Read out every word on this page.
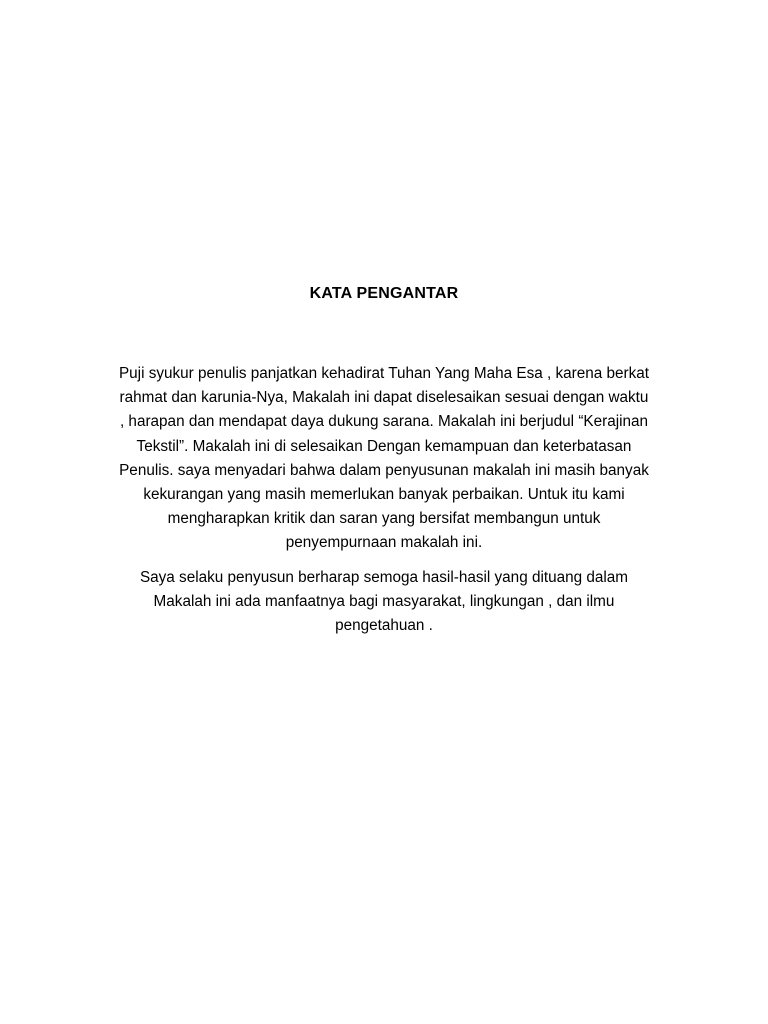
KATA PENGANTAR
Puji syukur penulis panjatkan kehadirat Tuhan Yang Maha Esa , karena berkat
rahmat dan karunia-Nya, Makalah ini dapat diselesaikan sesuai dengan waktu
, harapan dan mendapat daya dukung sarana. Makalah ini berjudul “Kerajinan
Tekstil”. Makalah ini di selesaikan Dengan kemampuan dan keterbatasan
Penulis. saya menyadari bahwa dalam penyusunan makalah ini masih banyak
kekurangan yang masih memerlukan banyak perbaikan. Untuk itu kami
mengharapkan kritik dan saran yang bersifat membangun untuk
penyempurnaan makalah ini.
Saya selaku penyusun berharap semoga hasil-hasil yang dituang dalam
Makalah ini ada manfaatnya bagi masyarakat, lingkungan , dan ilmu
pengetahuan .
